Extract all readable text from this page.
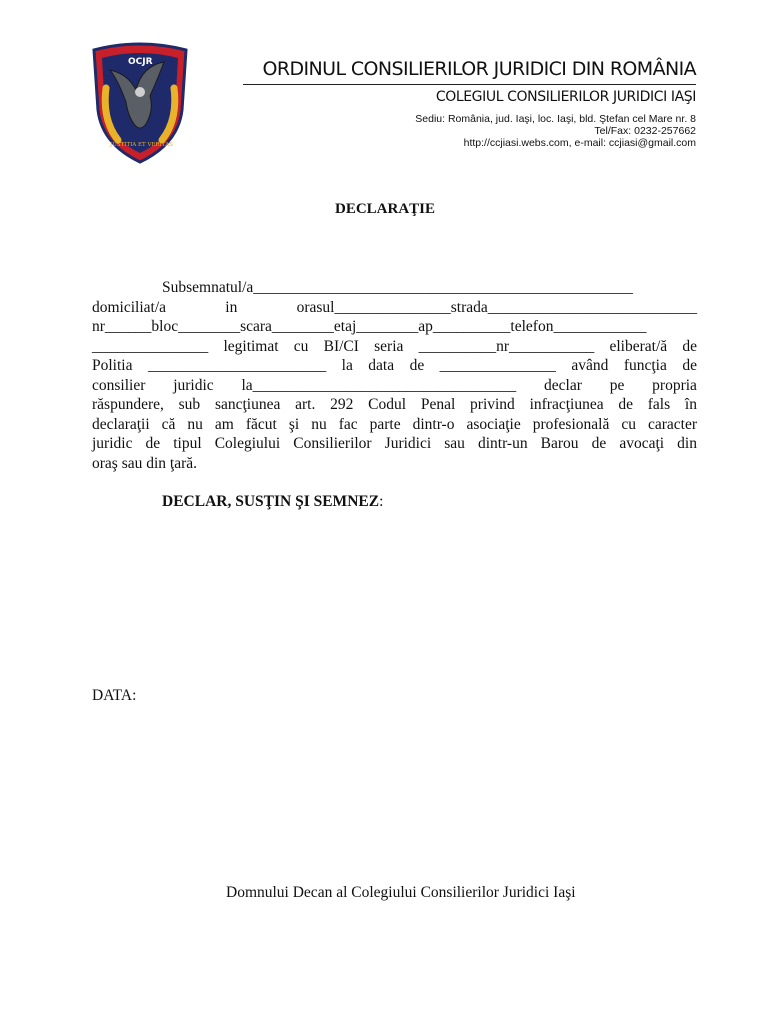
OCJR
JUSTITIA ET VERITAS
ORDINUL CONSILIERILOR JURIDICI DIN ROMÂNIA
COLEGIUL CONSILIERILOR JURIDICI IAŞI
Sediu: România, jud. Iaşi, loc. Iaşi, bld. Ştefan cel Mare nr. 8
Tel/Fax: 0232-257662
http://ccjiasi.webs.com, e-mail: ccjiasi@gmail.com
DECLARAŢIE
Subsemnatul/a_________________________________________________
domiciliat/a	in	orasul_______________strada___________________________
nr______bloc________scara________etaj________ap__________telefon____________
_______________ legitimat cu BI/CI seria __________nr___________ eliberat/ă de
Politia _______________________ la data de _______________ având funcţia de
consilier juridic la__________________________________ declar pe propria
răspundere, sub sancţiunea art. 292 Codul Penal privind infracţiunea de fals în
declaraţii că nu am făcut şi nu fac parte dintr-o asociaţie profesională cu caracter
juridic de tipul Colegiului Consilierilor Juridici sau dintr-un Barou de avocaţi din
oraş sau din ţară.
DECLAR, SUSŢIN ŞI SEMNEZ:
DATA:
Domnului Decan al Colegiului Consilierilor Juridici Iaşi
